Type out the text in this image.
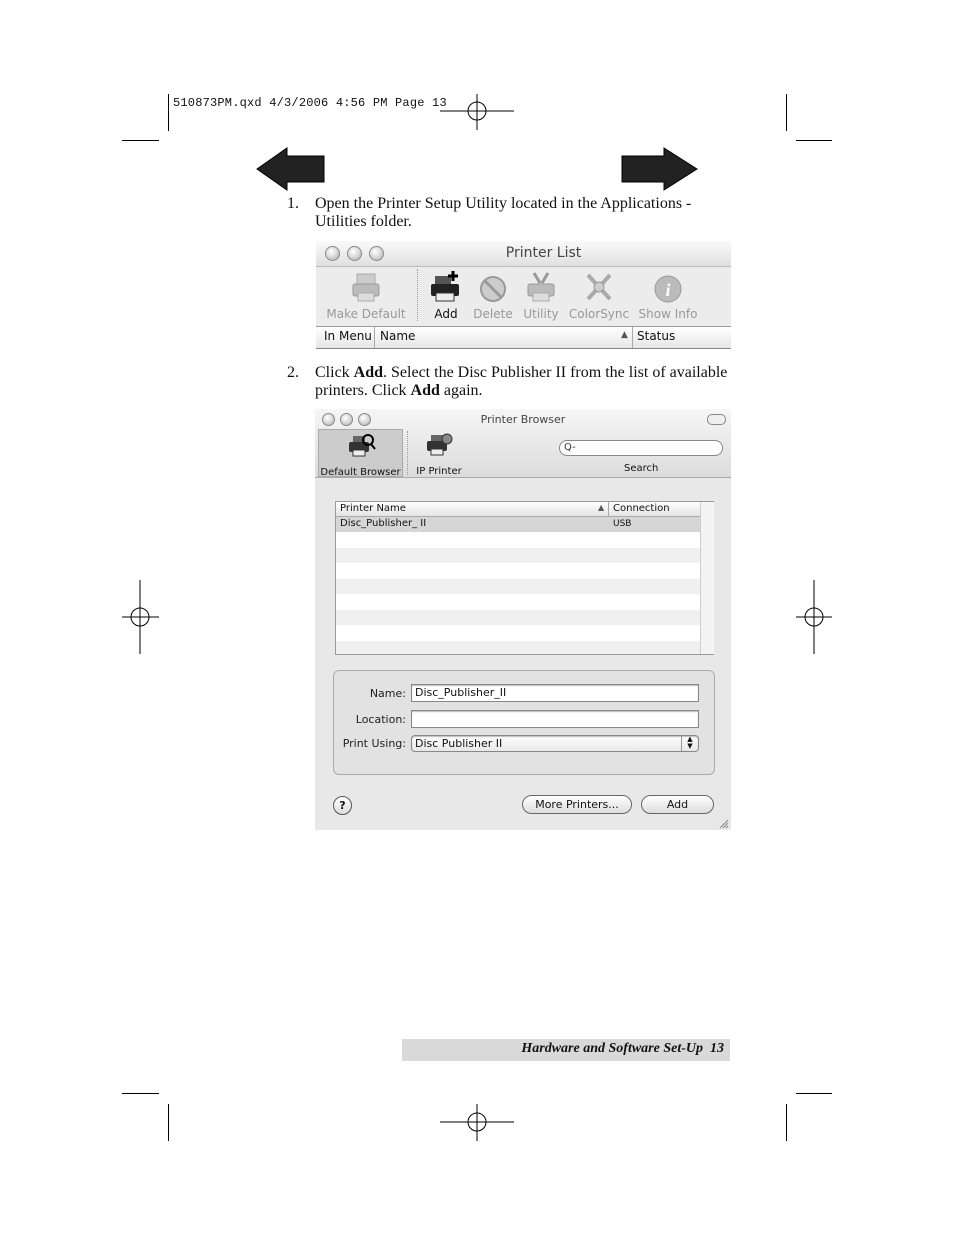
510873PM.qxd 4/3/2006 4:56 PM Page 13
1. Open the Printer Setup Utility located in the Applications - Utilities folder.
Printer List
Make Default	Add	Delete Utility ColorSync
i
Show Info
In Menu Name	▲ Status
2. Click Add. Select the Disc Publisher II from the list of available printers. Click Add again.
Printer Browser
Default Browser	IP Printer
Q-
Search
Printer Name	▲ Connection
Disc_Publisher_ II	USB
Name: Disc_Publisher_II
Location:
Print Using: Disc Publisher II	▲
▼
?	More Printers...	Add
Hardware and Software Set-Up 13
